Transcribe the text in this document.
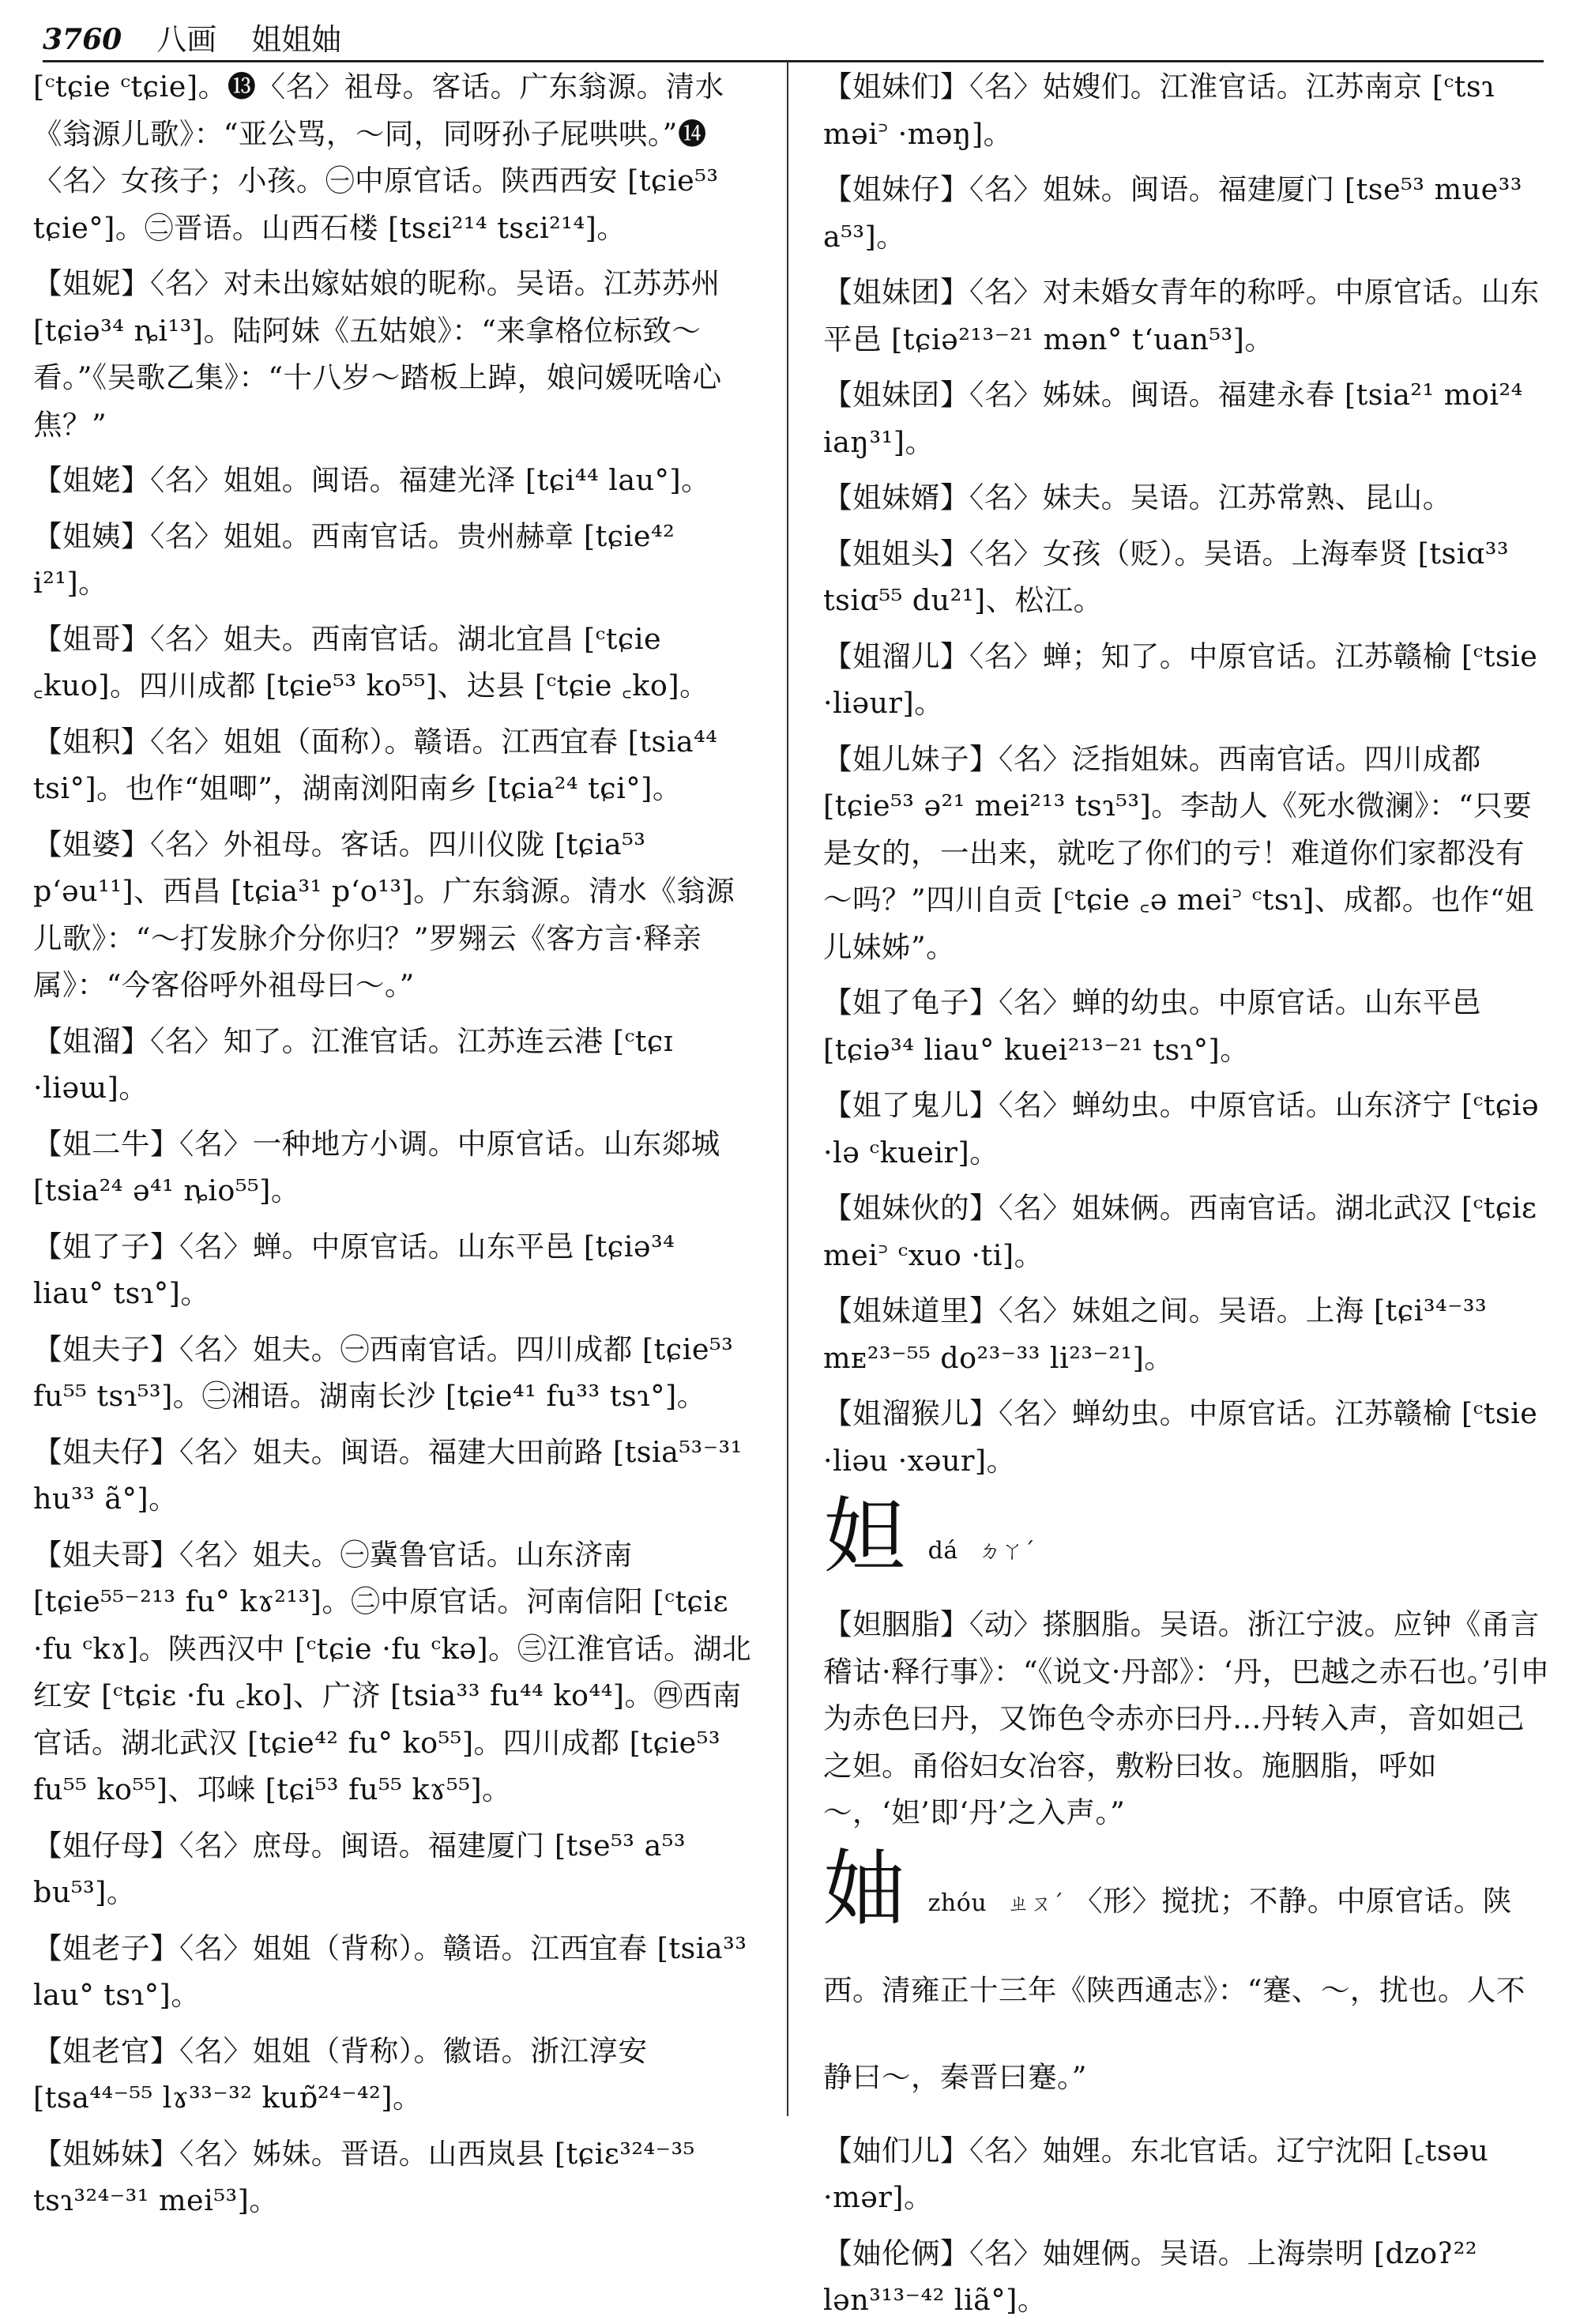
3760 八画 姐姐妯
[ᶜtɕie ᶜtɕie]。⓭〈名〉祖母。客话。广东翁源。清水《翁源儿歌》：“亚公骂，～同，同呀孙子屁哄哄。”⓮〈名〉女孩子；小孩。㊀中原官话。陕西西安 [tɕie⁵³ tɕie°]。㊁晋语。山西石楼 [tsɛi²¹⁴ tsɛi²¹⁴]。
【姐妮】〈名〉对未出嫁姑娘的昵称。吴语。江苏苏州 [tɕiə³⁴ ȵi¹³]。陆阿妹《五姑娘》：“来拿格位标致～看。”《吴歌乙集》：“十八岁～踏板上踔，娘问媛呒啥心焦？”
【姐姥】〈名〉姐姐。闽语。福建光泽 [tɕi⁴⁴ lau°]。
【姐姨】〈名〉姐姐。西南官话。贵州赫章 [tɕie⁴² i²¹]。
【姐哥】〈名〉姐夫。西南官话。湖北宜昌 [ᶜtɕie ꜀kuo]。四川成都 [tɕie⁵³ ko⁵⁵]、达县 [ᶜtɕie ꜀ko]。
【姐积】〈名〉姐姐（面称）。赣语。江西宜春 [tsia⁴⁴ tsi°]。也作“姐唧”，湖南浏阳南乡 [tɕia²⁴ tɕi°]。
【姐婆】〈名〉外祖母。客话。四川仪陇 [tɕia⁵³ p‘əu¹¹]、西昌 [tɕia³¹ p‘o¹³]。广东翁源。清水《翁源儿歌》：“～打发脉介分你归？”罗翙云《客方言·释亲属》：“今客俗呼外祖母曰～。”
【姐溜】〈名〉知了。江淮官话。江苏连云港 [ᶜtɕɪ ·liəɯ]。
【姐二牛】〈名〉一种地方小调。中原官话。山东郯城 [tsia²⁴ ə⁴¹ ȵio⁵⁵]。
【姐了子】〈名〉蝉。中原官话。山东平邑 [tɕiə³⁴ liau° tsɿ°]。
【姐夫子】〈名〉姐夫。㊀西南官话。四川成都 [tɕie⁵³ fu⁵⁵ tsɿ⁵³]。㊁湘语。湖南长沙 [tɕie⁴¹ fu³³ tsɿ°]。
【姐夫仔】〈名〉姐夫。闽语。福建大田前路 [tsia⁵³⁻³¹ hu³³ ã°]。
【姐夫哥】〈名〉姐夫。㊀冀鲁官话。山东济南 [tɕie⁵⁵⁻²¹³ fu° kɤ²¹³]。㊁中原官话。河南信阳 [ᶜtɕiɛ ·fu ᶜkɤ]。陕西汉中 [ᶜtɕie ·fu ᶜkə]。㊂江淮官话。湖北红安 [ᶜtɕiɛ ·fu ꜀ko]、广济 [tsia³³ fu⁴⁴ ko⁴⁴]。㊃西南官话。湖北武汉 [tɕie⁴² fu° ko⁵⁵]。四川成都 [tɕie⁵³ fu⁵⁵ ko⁵⁵]、邛崃 [tɕi⁵³ fu⁵⁵ kɤ⁵⁵]。
【姐仔母】〈名〉庶母。闽语。福建厦门 [tse⁵³ a⁵³ bu⁵³]。
【姐老子】〈名〉姐姐（背称）。赣语。江西宜春 [tsia³³ lau° tsɿ°]。
【姐老官】〈名〉姐姐（背称）。徽语。浙江淳安 [tsa⁴⁴⁻⁵⁵ lɤ³³⁻³² kuɒ̃²⁴⁻⁴²]。
【姐姊妹】〈名〉姊妹。晋语。山西岚县 [tɕiɛ³²⁴⁻³⁵ tsɿ³²⁴⁻³¹ mei⁵³]。
【姐妹们】〈名〉姑嫂们。江淮官话。江苏南京 [ᶜtsɿ məi꜄ ·məŋ]。
【姐妹仔】〈名〉姐妹。闽语。福建厦门 [tse⁵³ mue³³ a⁵³]。
【姐妹团】〈名〉对未婚女青年的称呼。中原官话。山东平邑 [tɕiə²¹³⁻²¹ mən° t‘uan⁵³]。
【姐妹囝】〈名〉姊妹。闽语。福建永春 [tsia²¹ moi²⁴ iaŋ³¹]。
【姐妹婿】〈名〉妹夫。吴语。江苏常熟、昆山。
【姐姐头】〈名〉女孩（贬）。吴语。上海奉贤 [tsiɑ³³ tsiɑ⁵⁵ du²¹]、松江。
【姐溜儿】〈名〉蝉；知了。中原官话。江苏赣榆 [ᶜtsie ·liəur]。
【姐儿妹子】〈名〉泛指姐妹。西南官话。四川成都 [tɕie⁵³ ə²¹ mei²¹³ tsɿ⁵³]。李劼人《死水微澜》：“只要是女的，一出来，就吃了你们的亏！难道你们家都没有～吗？”四川自贡 [ᶜtɕie ꜀ə mei꜄ ᶜtsɿ]、成都。也作“姐儿妹姊”。
【姐了龟子】〈名〉蝉的幼虫。中原官话。山东平邑 [tɕiə³⁴ liau° kuei²¹³⁻²¹ tsɿ°]。
【姐了鬼儿】〈名〉蝉幼虫。中原官话。山东济宁 [ᶜtɕiə ·lə ᶜkueir]。
【姐妹伙的】〈名〉姐妹俩。西南官话。湖北武汉 [ᶜtɕiɛ mei꜄ ᶜxuo ·ti]。
【姐妹道里】〈名〉妹姐之间。吴语。上海 [tɕi³⁴⁻³³ mᴇ²³⁻⁵⁵ do²³⁻³³ li²³⁻²¹]。
【姐溜猴儿】〈名〉蝉幼虫。中原官话。江苏赣榆 [ᶜtsie ·liəu ·xəur]。
妲 dá ㄉㄚˊ
【妲胭脂】〈动〉搽胭脂。吴语。浙江宁波。应钟《甬言稽诂·释行事》：“《说文·丹部》：‘丹，巴越之赤石也。’引申为赤色曰丹，又饰色令赤亦曰丹…丹转入声，音如妲己之妲。甬俗妇女冶容，敷粉曰妆。施胭脂，呼如～，‘妲’即‘丹’之入声。”
妯 zhóu ㄓㄡˊ 〈形〉搅扰；不静。中原官话。陕西。清雍正十三年《陕西通志》：“蹇、～，扰也。人不静曰～，秦晋曰蹇。”
【妯们儿】〈名〉妯娌。东北官话。辽宁沈阳 [꜀tsəu ·mər]。
【妯伦俩】〈名〉妯娌俩。吴语。上海崇明 [dzoʔ²² lən³¹³⁻⁴² liã°]。
